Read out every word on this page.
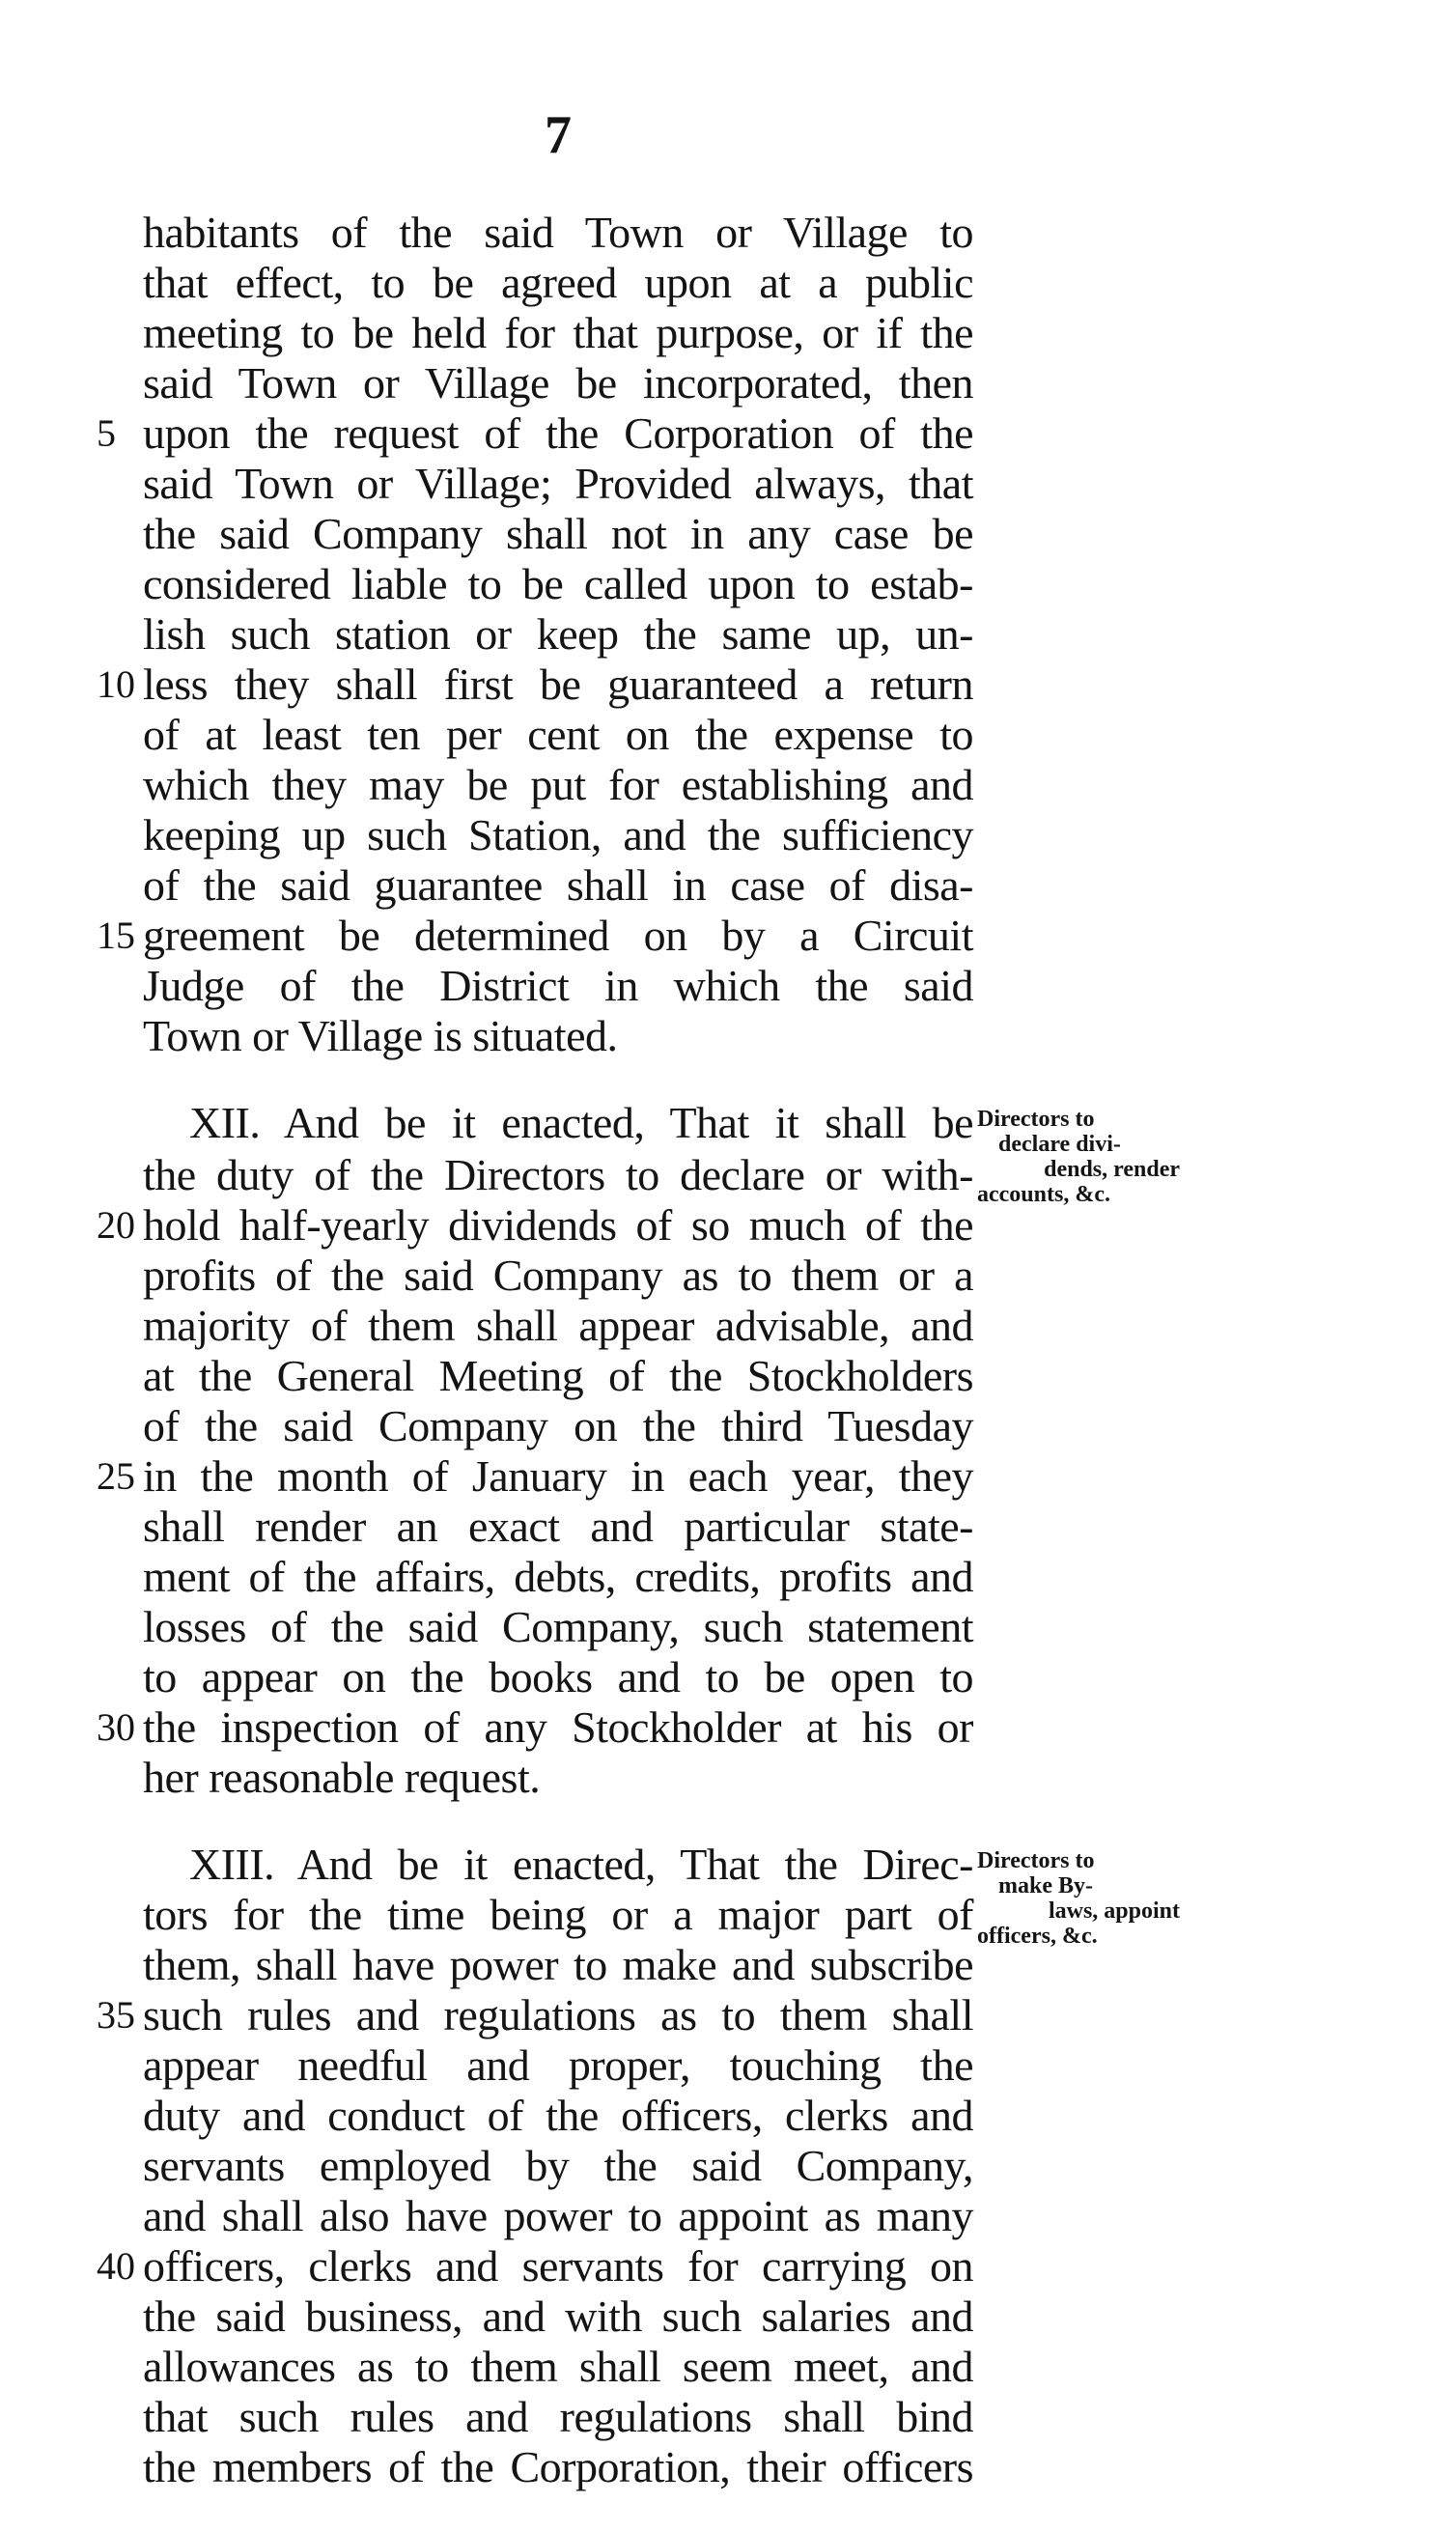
7
habitants of the said Town or Village to
that effect, to be agreed upon at a public
meeting to be held for that purpose, or if the
said Town or Village be incorporated, then
5 upon the request of the Corporation of the
said Town or Village; Provided always, that
the said Company shall not in any case be
considered liable to be called upon to estab-
lish such station or keep the same up, un-
10 less they shall first be guaranteed a return
of at least ten per cent on the expense to
which they may be put for establishing and
keeping up such Station, and the sufficiency
of the said guarantee shall in case of disa-
15 greement be determined on by a Circuit
Judge of the District in which the said
Town or Village is situated.
XII. And be it enacted, That it shall be
the duty of the Directors to declare or with-
20 hold half-yearly dividends of so much of the
profits of the said Company as to them or a
majority of them shall appear advisable, and
at the General Meeting of the Stockholders
of the said Company on the third Tuesday
25 in the month of January in each year, they
shall render an exact and particular state-
ment of the affairs, debts, credits, profits and
losses of the said Company, such statement
to appear on the books and to be open to
30 the inspection of any Stockholder at his or
her reasonable request.
XIII. And be it enacted, That the Direc-
tors for the time being or a major part of
them, shall have power to make and subscribe
35 such rules and regulations as to them shall
appear needful and proper, touching the
duty and conduct of the officers, clerks and
servants employed by the said Company,
and shall also have power to appoint as many
40 officers, clerks and servants for carrying on
the said business, and with such salaries and
allowances as to them shall seem meet, and
that such rules and regulations shall bind
the members of the Corporation, their officers
Directors to
declare divi-
dends, render
accounts, &c.
Directors to
make By-
laws, appoint
officers, &c.
